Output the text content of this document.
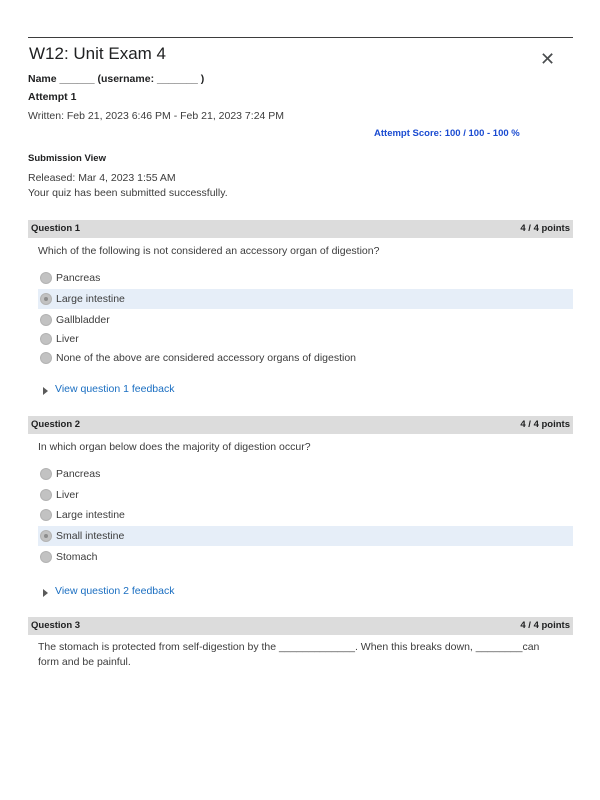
W12: Unit Exam 4	✕
Name ______ (username: _______ )
Attempt 1
Written: Feb 21, 2023 6:46 PM - Feb 21, 2023 7:24 PM
Attempt Score: 100 / 100 - 100 %
Submission View
Released: Mar 4, 2023 1:55 AM
Your quiz has been submitted successfully.
Question 1	4 / 4 points
Which of the following is not considered an accessory organ of digestion?
Pancreas
Large intestine
Gallbladder
Liver
None of the above are considered accessory organs of digestion
View question 1 feedback
Question 2	4 / 4 points
In which organ below does the majority of digestion occur?
Pancreas
Liver
Large intestine
Small intestine
Stomach
View question 2 feedback
Question 3	4 / 4 points
The stomach is protected from self-digestion by the _____________. When this breaks down, ________can form and be painful.
